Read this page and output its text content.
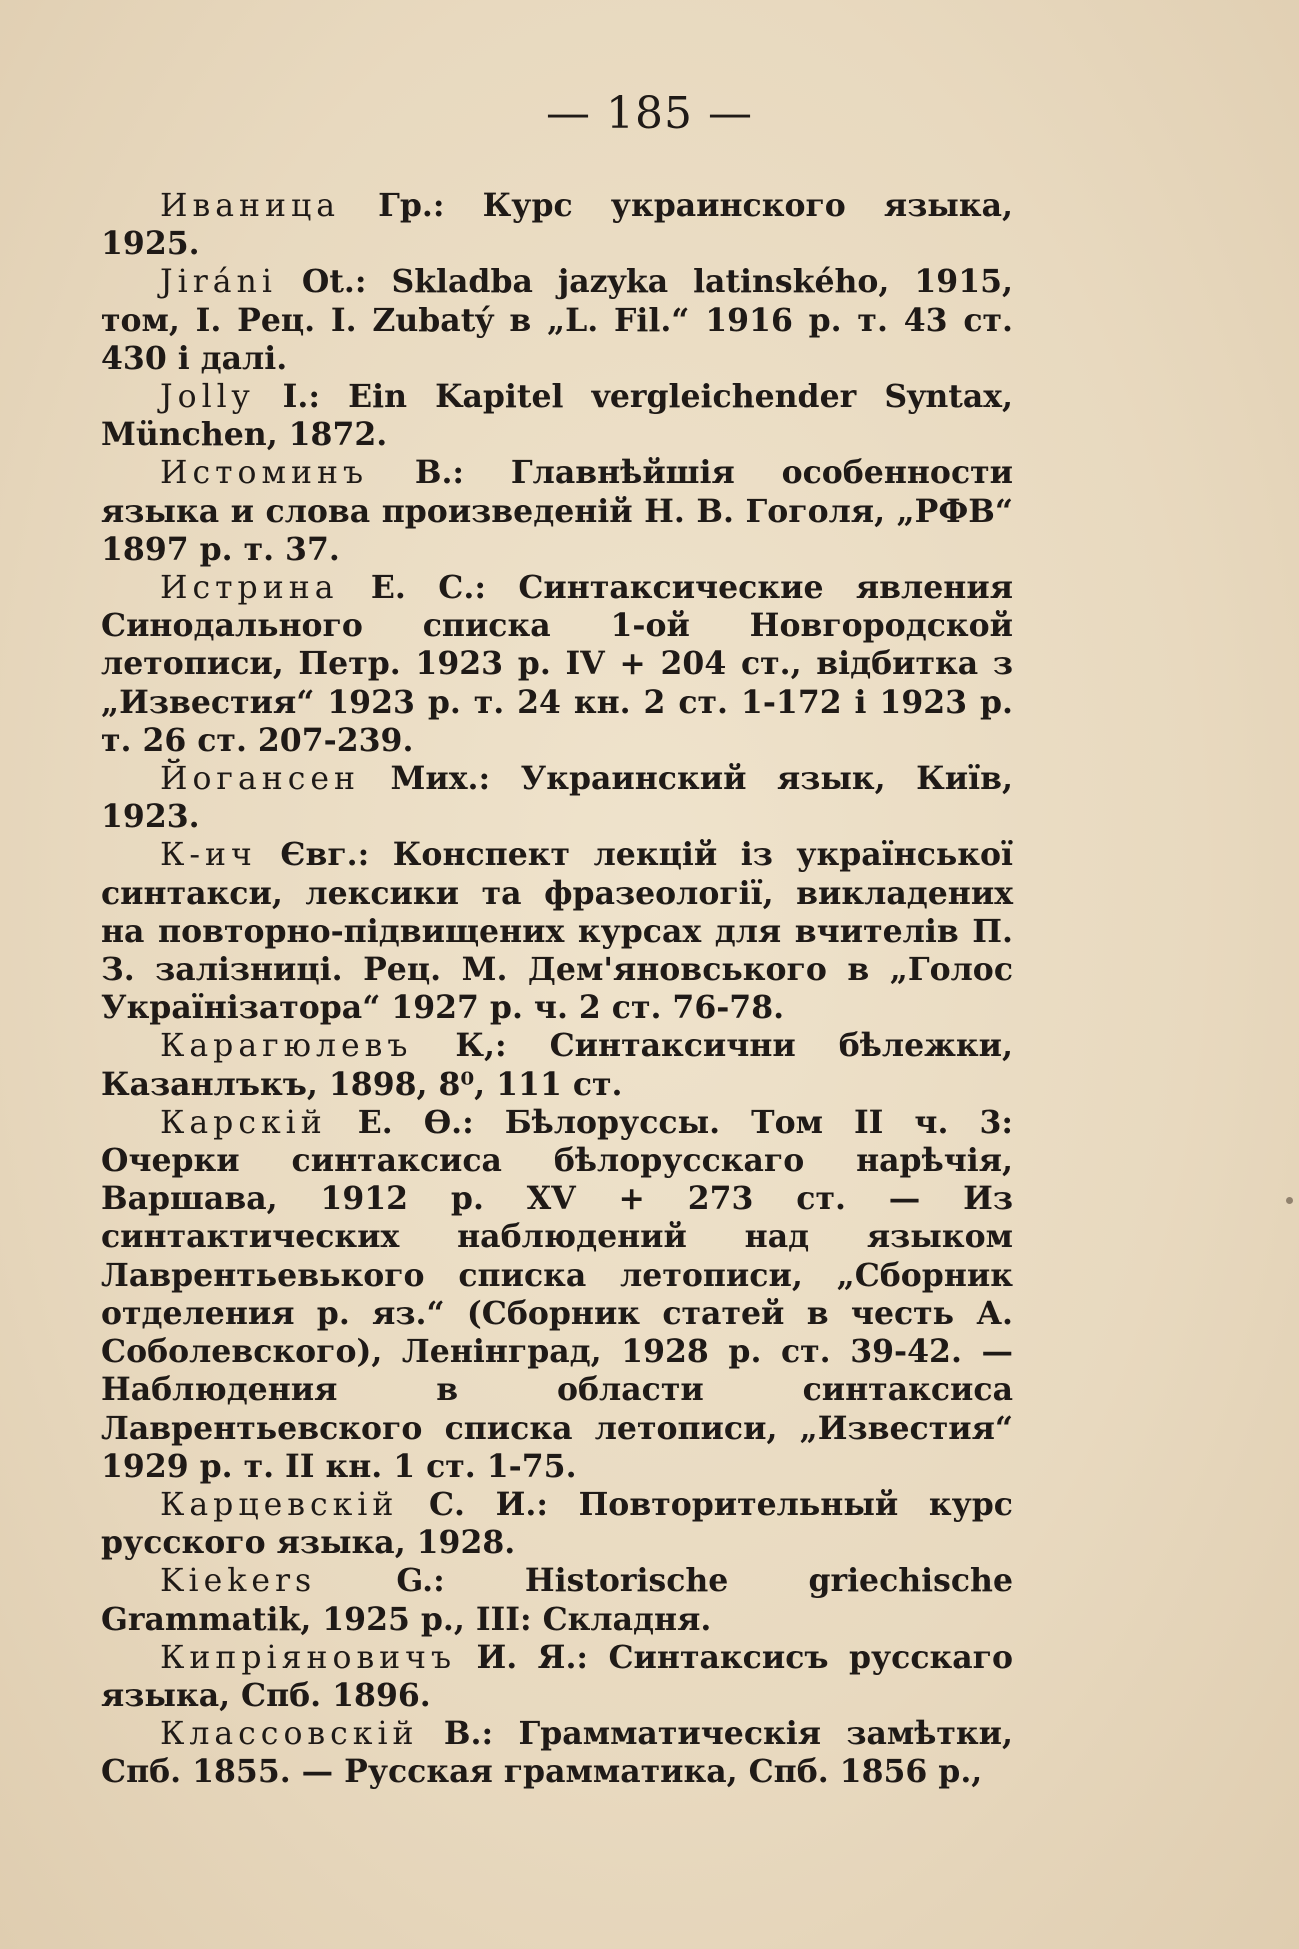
— 185 —

Иваница Гр.: Курс украинского языка, 1925.

Jiráni Ot.: Skladba jazyka latinského, 1915, том, I. Рец. I. Zubatý в „L. Fil.“ 1916 p. т. 43 ст. 430 і далі.

Jolly I.: Ein Kapitel vergleichender Syntax, München, 1872.

Истоминъ В.: Главнѣйшія особенности языка и слова произведеній Н. В. Гоголя, „РФВ“ 1897 р. т. 37.

Истрина Е. С.: Синтаксические явления Синодального списка 1-ой Новгородской летописи, Петр. 1923 р. IV + 204 ст., відбитка з „Известия“ 1923 р. т. 24 кн. 2 ст. 1-172 і 1923 р. т. 26 ст. 207-239.

Йогансен Мих.: Украинский язык, Київ, 1923.

К-ич Євг.: Конспект лекцій із української синтакси, лексики та фразеології, викладених на повторно-підвищених курсах для вчителів П. З. залізниці. Рец. М. Дем'яновського в „Голос Українізатора“ 1927 р. ч. 2 ст. 76-78.

Карагюлевъ К,: Синтаксични бѣлежки, Казанлъкъ, 1898, 8⁰, 111 ст.

Карскій Е. Ѳ.: Бѣлоруссы. Том II ч. 3: Очерки синтаксиса бѣлорусскаго нарѣчія, Варшава, 1912 р. XV + 273 ст. — Из синтактических наблюдений над языком Лаврентьевького списка летописи, „Сборник отделения р. яз.“ (Сборник статей в честь А. Соболевского), Ленінград, 1928 р. ст. 39-42. — Наблюдения в области синтаксиса Лаврентьевского списка летописи, „Известия“ 1929 р. т. II кн. 1 ст. 1-75.

Карцевскій С. И.: Повторительный курс русского языка, 1928.

Kiekers G.: Historische griechische Grammatik, 1925 p., III: Складня.

Кипріяновичъ И. Я.: Синтаксисъ русскаго языка, Спб. 1896.

Классовскій В.: Грамматическія замѣтки, Спб. 1855. — Русская грамматика, Спб. 1856 р.,
